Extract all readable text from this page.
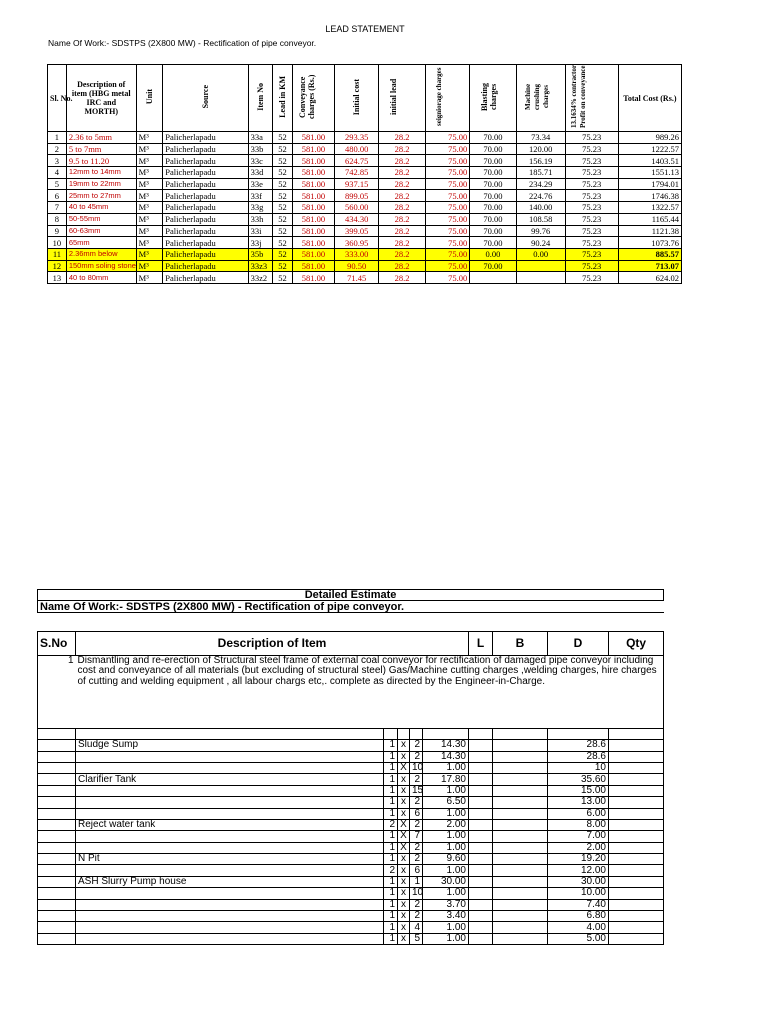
LEAD STATEMENT
Name Of Work:- SDSTPS (2X800 MW) - Rectification of pipe conveyor.
Sl. No.	Description of item (HBG metal IRC and MORTH)	Unit	Source	Item No	Lead in KM	Conveyance charges (Rs.)	Initial cost	initial lead	seigniorage charges	Blasting charges	Machine crushing charges	13.1634% contractor Profit on conveyance	Total Cost (Rs.)
1	2.36 to 5mm	M³	Palicherlapadu	33a	52	581.00	293.35	28.2	75.00	70.00	73.34	75.23	989.26
2	5 to 7mm	M³	Palicherlapadu	33b	52	581.00	480.00	28.2	75.00	70.00	120.00	75.23	1222.57
3	9.5 to 11.20	M³	Palicherlapadu	33c	52	581.00	624.75	28.2	75.00	70.00	156.19	75.23	1403.51
4	12mm to 14mm	M³	Palicherlapadu	33d	52	581.00	742.85	28.2	75.00	70.00	185.71	75.23	1551.13
5	19mm to 22mm	M³	Palicherlapadu	33e	52	581.00	937.15	28.2	75.00	70.00	234.29	75.23	1794.01
6	25mm to 27mm	M³	Palicherlapadu	33f	52	581.00	899.05	28.2	75.00	70.00	224.76	75.23	1746.38
7	40 to 45mm	M³	Palicherlapadu	33g	52	581.00	560.00	28.2	75.00	70.00	140.00	75.23	1322.57
8	50-55mm	M³	Palicherlapadu	33h	52	581.00	434.30	28.2	75.00	70.00	108.58	75.23	1165.44
9	60-63mm	M³	Palicherlapadu	33i	52	581.00	399.05	28.2	75.00	70.00	99.76	75.23	1121.38
10	65mm	M³	Palicherlapadu	33j	52	581.00	360.95	28.2	75.00	70.00	90.24	75.23	1073.76
11	2.36mm below	M³	Palicherlapadu	35b	52	581.00	333.00	28.2	75.00	0.00	0.00	75.23	885.57
12	150mm soling stone	M³	Palicherlapadu	33z3	52	581.00	90.50	28.2	75.00	70.00		75.23	713.07
13	40 to 80mm	M³	Palicherlapadu	33z2	52	581.00	71.45	28.2	75.00			75.23	624.02
Detailed Estimate									
Name Of Work:- SDSTPS (2X800 MW) - Rectification of pipe conveyor.									

S.No	Description of Item					L	B	D	Qty
1	Dismantling and re-erection of Structural steel frame of external coal conveyor for rectification of damaged pipe conveyor including cost and conveyance of all materials (but excluding of structural steel) Gas/Machine cutting charges ,welding charges, hire charges of cutting and welding equipment , all labour chargs etc,. complete as directed by the Engineer-in-Charge.								

	Sludge Sump	1	x	2	14.30			28.6	
		1	x	2	14.30			28.6	
		1	X	10	1.00			10	
	Clarifier Tank	1	x	2	17.80			35.60	
		1	x	15	1.00			15.00	
		1	x	2	6.50			13.00	
		1	x	6	1.00			6.00	
	Reject water tank	2	X	2	2.00			8.00	
		1	X	7	1.00			7.00	
		1	X	2	1.00			2.00	
	N Pit	1	x	2	9.60			19.20	
		2	x	6	1.00			12.00	
	ASH Slurry Pump house	1	x	1	30.00			30.00	
		1	x	10	1.00			10.00	
		1	x	2	3.70			7.40	
		1	x	2	3.40			6.80	
		1	x	4	1.00			4.00	
		1	x	5	1.00			5.00	
